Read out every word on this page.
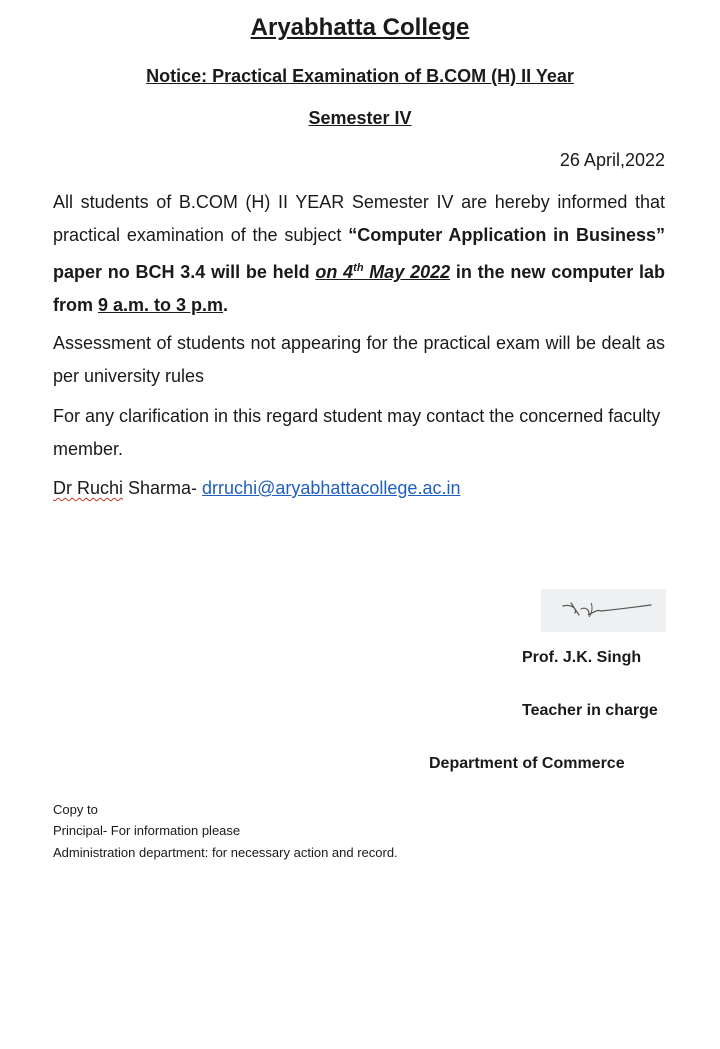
Aryabhatta College
Notice: Practical Examination of B.COM (H) II Year
Semester IV
26 April,2022
All students of B.COM (H) II YEAR Semester IV are hereby informed that practical examination of the subject “Computer Application in Business” paper no BCH 3.4 will be held on 4th May 2022 in the new computer lab from 9 a.m. to 3 p.m.
Assessment of students not appearing for the practical exam will be dealt as per university rules
For any clarification in this regard student may contact the concerned faculty member.
Dr Ruchi Sharma- drruchi@aryabhattacollege.ac.in
Prof. J.K. Singh
Teacher in charge
Department of Commerce
Copy to
Principal- For information please
Administration department: for necessary action and record.
